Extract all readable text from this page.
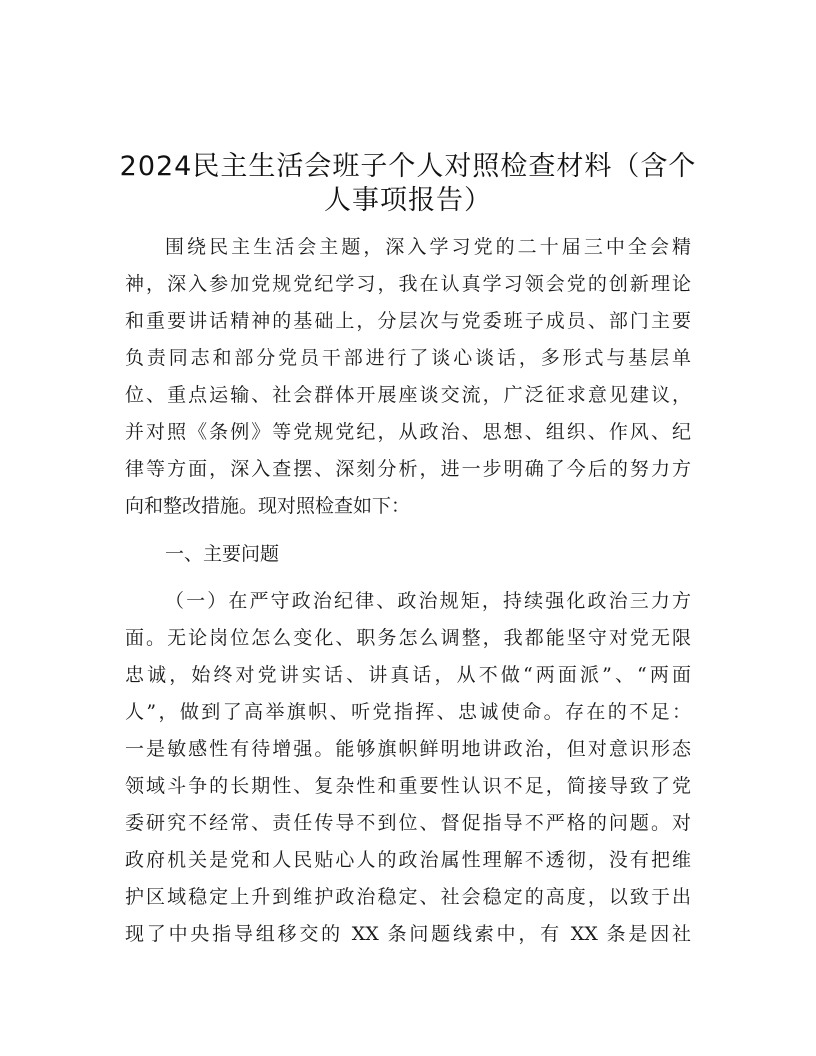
2024民主生活会班子个人对照检查材料（含个
人事项报告）
围绕民主生活会主题，深入学习党的二十届三中全会精
神，深入参加党规党纪学习，我在认真学习领会党的创新理论
和重要讲话精神的基础上，分层次与党委班子成员、部门主要
负责同志和部分党员干部进行了谈心谈话，多形式与基层单
位、重点运输、社会群体开展座谈交流，广泛征求意见建议，
并对照《条例》等党规党纪，从政治、思想、组织、作风、纪
律等方面，深入查摆、深刻分析，进一步明确了今后的努力方
向和整改措施。现对照检查如下：
一、主要问题
（一）在严守政治纪律、政治规矩，持续强化政治三力方
面。无论岗位怎么变化、职务怎么调整，我都能坚守对党无限
忠诚，始终对党讲实话、讲真话，从不做“两面派”、“两面
人”，做到了高举旗帜、听党指挥、忠诚使命。存在的不足：
一是敏感性有待增强。能够旗帜鲜明地讲政治，但对意识形态
领域斗争的长期性、复杂性和重要性认识不足，简接导致了党
委研究不经常、责任传导不到位、督促指导不严格的问题。对
政府机关是党和人民贴心人的政治属性理解不透彻，没有把维
护区域稳定上升到维护政治稳定、社会稳定的高度，以致于出
现了中央指导组移交的 XX 条问题线索中，有 XX 条是因社
